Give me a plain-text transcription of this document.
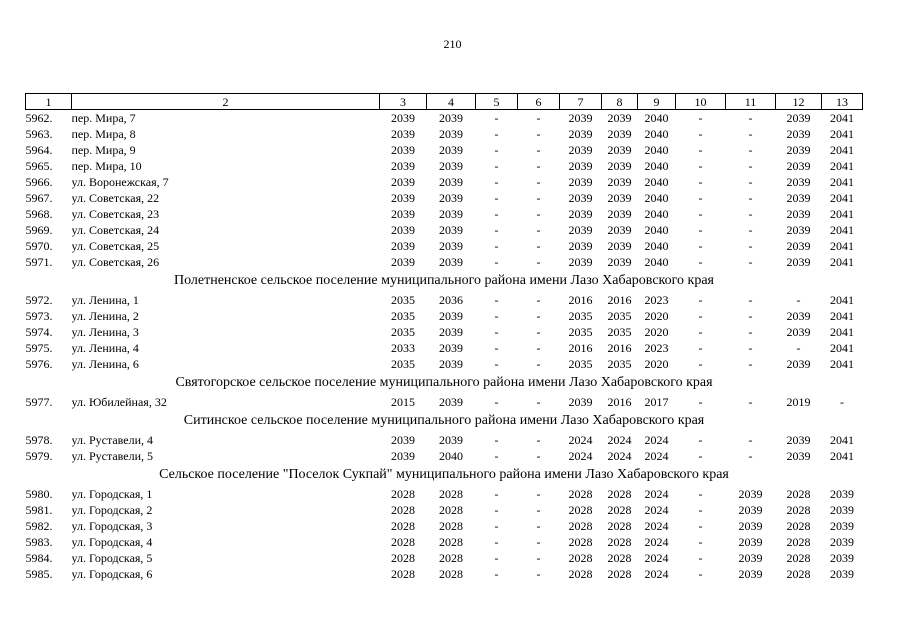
210
1	2	3	4	5	6	7	8	9	10	11	12	13
5962.	пер. Мира, 7	2039	2039	-	-	2039	2039	2040	-	-	2039	2041
5963.	пер. Мира, 8	2039	2039	-	-	2039	2039	2040	-	-	2039	2041
5964.	пер. Мира, 9	2039	2039	-	-	2039	2039	2040	-	-	2039	2041
5965.	пер. Мира, 10	2039	2039	-	-	2039	2039	2040	-	-	2039	2041
5966.	ул. Воронежская, 7	2039	2039	-	-	2039	2039	2040	-	-	2039	2041
5967.	ул. Советская, 22	2039	2039	-	-	2039	2039	2040	-	-	2039	2041
5968.	ул. Советская, 23	2039	2039	-	-	2039	2039	2040	-	-	2039	2041
5969.	ул. Советская, 24	2039	2039	-	-	2039	2039	2040	-	-	2039	2041
5970.	ул. Советская, 25	2039	2039	-	-	2039	2039	2040	-	-	2039	2041
5971.	ул. Советская, 26	2039	2039	-	-	2039	2039	2040	-	-	2039	2041
Полетненское сельское поселение муниципального района имени Лазо Хабаровского края												
5972.	ул. Ленина, 1	2035	2036	-	-	2016	2016	2023	-	-	-	2041
5973.	ул. Ленина, 2	2035	2039	-	-	2035	2035	2020	-	-	2039	2041
5974.	ул. Ленина, 3	2035	2039	-	-	2035	2035	2020	-	-	2039	2041
5975.	ул. Ленина, 4	2033	2039	-	-	2016	2016	2023	-	-	-	2041
5976.	ул. Ленина, 6	2035	2039	-	-	2035	2035	2020	-	-	2039	2041
Святогорское сельское поселение муниципального района имени Лазо Хабаровского края												
5977.	ул. Юбилейная, 32	2015	2039	-	-	2039	2016	2017	-	-	2019	-
Ситинское сельское поселение муниципального района имени Лазо Хабаровского края												
5978.	ул. Руставели, 4	2039	2039	-	-	2024	2024	2024	-	-	2039	2041
5979.	ул. Руставели, 5	2039	2040	-	-	2024	2024	2024	-	-	2039	2041
Сельское поселение "Поселок Сукпай" муниципального района имени Лазо Хабаровского края												
5980.	ул. Городская, 1	2028	2028	-	-	2028	2028	2024	-	2039	2028	2039
5981.	ул. Городская, 2	2028	2028	-	-	2028	2028	2024	-	2039	2028	2039
5982.	ул. Городская, 3	2028	2028	-	-	2028	2028	2024	-	2039	2028	2039
5983.	ул. Городская, 4	2028	2028	-	-	2028	2028	2024	-	2039	2028	2039
5984.	ул. Городская, 5	2028	2028	-	-	2028	2028	2024	-	2039	2028	2039
5985.	ул. Городская, 6	2028	2028	-	-	2028	2028	2024	-	2039	2028	2039
